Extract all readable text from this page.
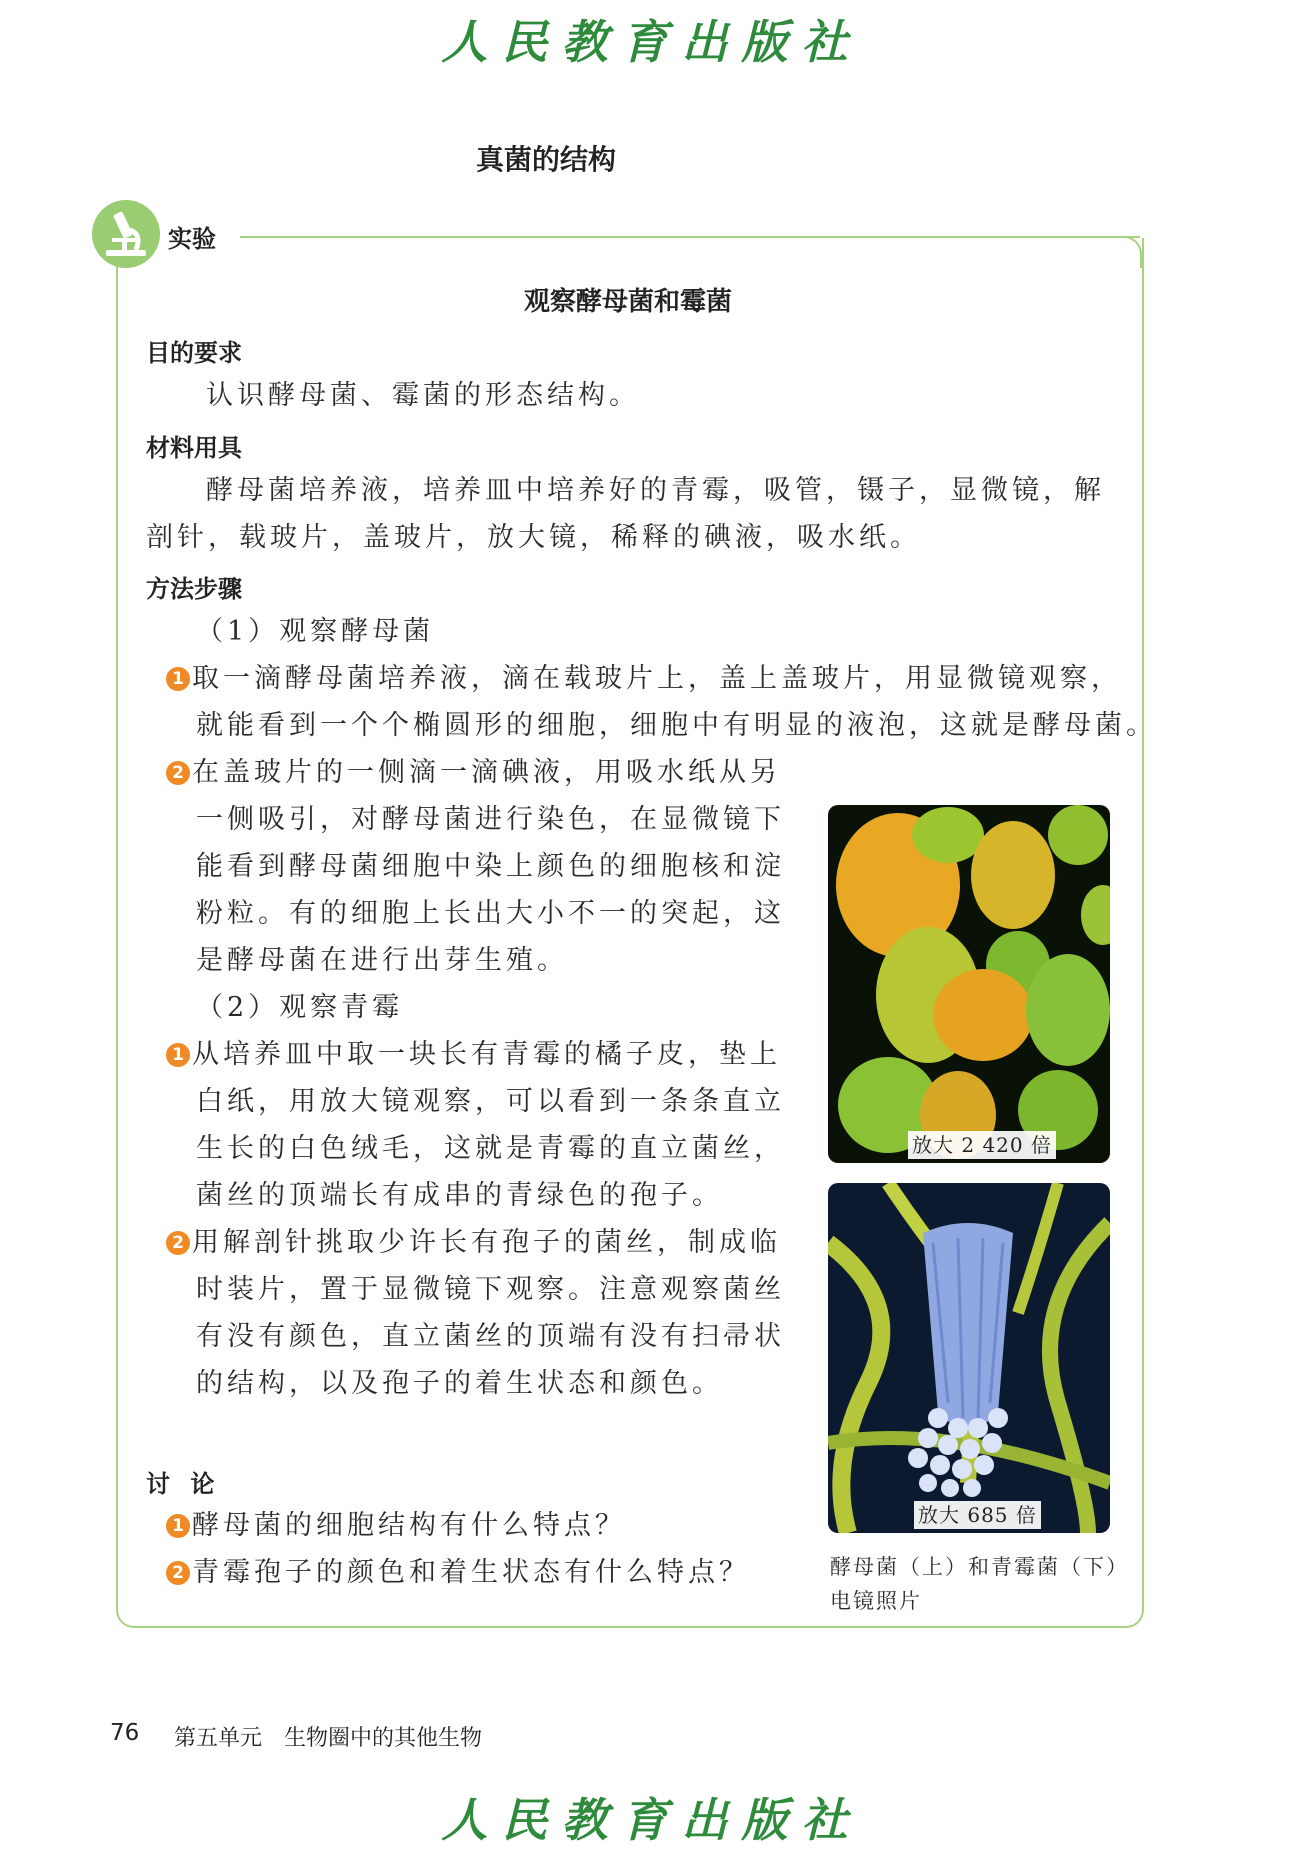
人民教育出版社
人民教育出版社
真菌的结构
实验
观察酵母菌和霉菌
目的要求
认识酵母菌、霉菌的形态结构。
材料用具
酵母菌培养液，培养皿中培养好的青霉，吸管，镊子，显微镜，解
剖针，载玻片，盖玻片，放大镜，稀释的碘液，吸水纸。
方法步骤
（1）观察酵母菌
1 取一滴酵母菌培养液，滴在载玻片上，盖上盖玻片，用显微镜观察，
就能看到一个个椭圆形的细胞，细胞中有明显的液泡，这就是酵母菌。
2 在盖玻片的一侧滴一滴碘液，用吸水纸从另
一侧吸引，对酵母菌进行染色，在显微镜下
能看到酵母菌细胞中染上颜色的细胞核和淀
粉粒。有的细胞上长出大小不一的突起，这
是酵母菌在进行出芽生殖。
（2）观察青霉
1 从培养皿中取一块长有青霉的橘子皮，垫上
白纸，用放大镜观察，可以看到一条条直立
生长的白色绒毛，这就是青霉的直立菌丝，
菌丝的顶端长有成串的青绿色的孢子。
2 用解剖针挑取少许长有孢子的菌丝，制成临
时装片，置于显微镜下观察。注意观察菌丝
有没有颜色，直立菌丝的顶端有没有扫帚状
的结构，以及孢子的着生状态和颜色。
讨 论
1 酵母菌的细胞结构有什么特点？
2 青霉孢子的颜色和着生状态有什么特点？
放大 2 420 倍
放大 685 倍
酵母菌（上）和青霉菌（下）
电镜照片
76 第五单元　生物圈中的其他生物
